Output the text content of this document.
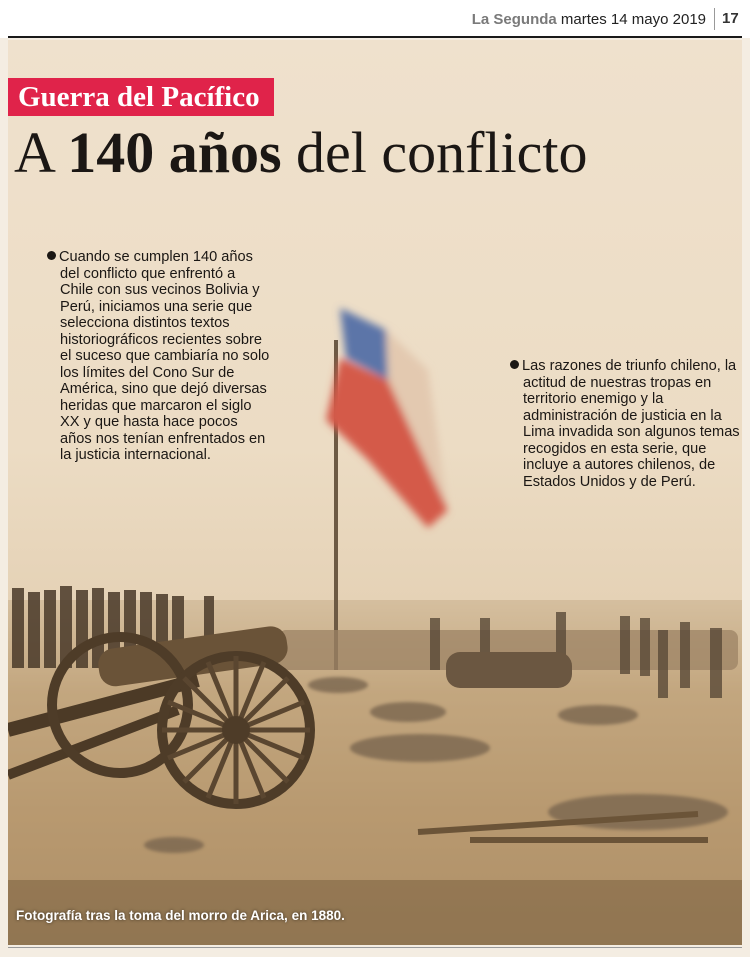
La Segunda martes 14 mayo 2019 17
Guerra del Pacífico
A 140 años del conflicto
Cuando se cumplen 140 años del conflicto que enfrentó a Chile con sus vecinos Bolivia y Perú, iniciamos una serie que selecciona distintos textos historiográficos recientes sobre el suceso que cambiaría no solo los límites del Cono Sur de América, sino que dejó diversas heridas que marcaron el siglo XX y que hasta hace pocos años nos tenían enfrentados en la justicia internacional.
Las razones de triunfo chileno, la actitud de nuestras tropas en territorio enemigo y la administración de justicia en la Lima invadida son algunos temas recogidos en esta serie, que incluye a autores chilenos, de Estados Unidos y de Perú.
Fotografía tras la toma del morro de Arica, en 1880.
